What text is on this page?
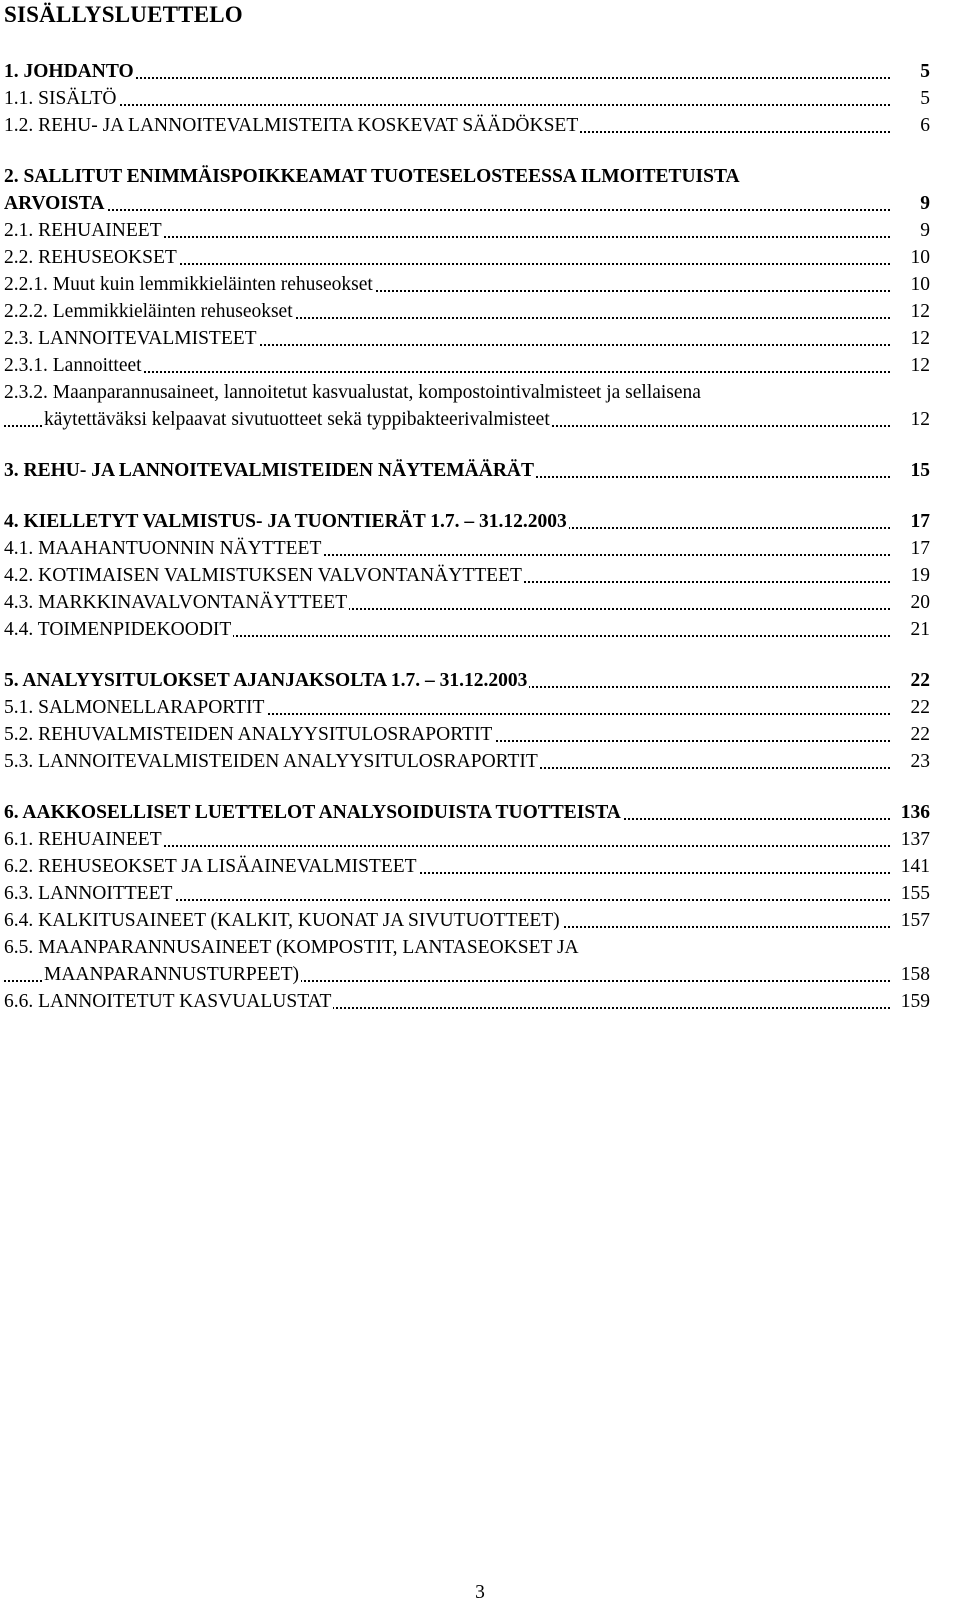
SISÄLLYSLUETTELO
1. JOHDANTO	5
1.1. SISÄLTÖ	5
1.2. REHU- JA LANNOITEVALMISTEITA KOSKEVAT SÄÄDÖKSET	6
2. SALLITUT ENIMMÄISPOIKKEAMAT TUOTESELOSTEESSA ILMOITETUISTA
ARVOISTA	9
2.1. REHUAINEET	9
2.2. REHUSEOKSET	10
2.2.1. Muut kuin lemmikkieläinten rehuseokset	10
2.2.2. Lemmikkieläinten rehuseokset	12
2.3. LANNOITEVALMISTEET	12
2.3.1. Lannoitteet	12
2.3.2. Maanparannusaineet, lannoitetut kasvualustat, kompostointivalmisteet ja sellaisena
käytettäväksi kelpaavat sivutuotteet sekä typpibakteerivalmisteet	12
3. REHU- JA LANNOITEVALMISTEIDEN NÄYTEMÄÄRÄT	15
4. KIELLETYT VALMISTUS- JA TUONTIERÄT 1.7. – 31.12.2003	17
4.1. MAAHANTUONNIN NÄYTTEET	17
4.2. KOTIMAISEN VALMISTUKSEN VALVONTANÄYTTEET	19
4.3. MARKKINAVALVONTANÄYTTEET	20
4.4. TOIMENPIDEKOODIT	21
5. ANALYYSITULOKSET AJANJAKSOLTA 1.7. – 31.12.2003	22
5.1. SALMONELLARAPORTIT	22
5.2. REHUVALMISTEIDEN ANALYYSITULOSRAPORTIT	22
5.3. LANNOITEVALMISTEIDEN ANALYYSITULOSRAPORTIT	23
6. AAKKOSELLISET LUETTELOT ANALYSOIDUISTA TUOTTEISTA	136
6.1. REHUAINEET	137
6.2. REHUSEOKSET JA LISÄAINEVALMISTEET	141
6.3. LANNOITTEET	155
6.4. KALKITUSAINEET (KALKIT, KUONAT JA SIVUTUOTTEET)	157
6.5. MAANPARANNUSAINEET (KOMPOSTIT, LANTASEOKSET JA
MAANPARANNUSTURPEET)	158
6.6. LANNOITETUT KASVUALUSTAT	159
3
